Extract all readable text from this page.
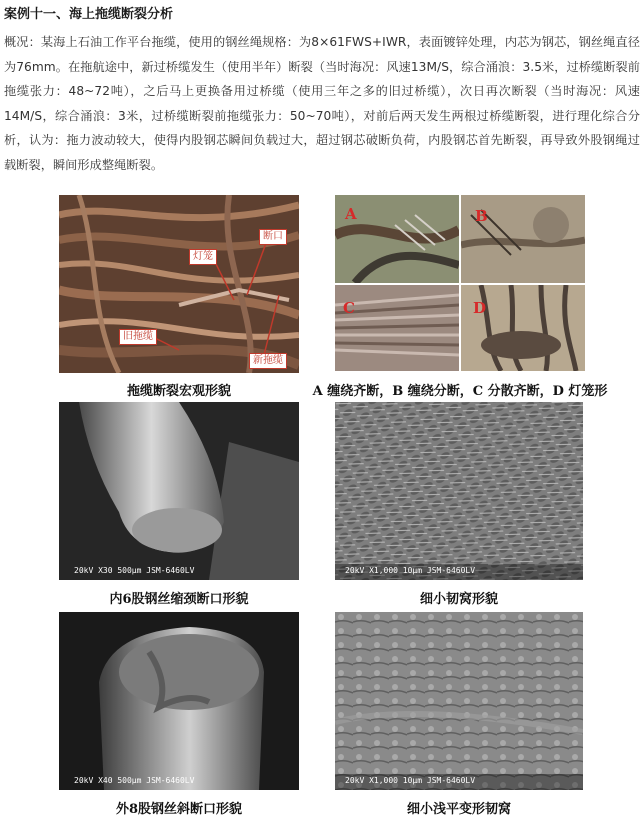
案例十一、海上拖缆断裂分析
概况：某海上石油工作平台拖缆，使用的钢丝绳规格：为8×61FWS+IWR，表面镀锌处理，内芯为钢芯，钢丝绳直径为76mm。在拖航途中，新过桥缆发生（使用半年）断裂（当时海况：风速13M/S，综合涌浪：3.5米，过桥缆断裂前拖缆张力：48~72吨），之后马上更换备用过桥缆（使用三年之多的旧过桥缆），次日再次断裂（当时海况：风速14M/S，综合涌浪：3米，过桥缆断裂前拖缆张力：50~70吨），对前后两天发生两根过桥缆断裂，进行理化综合分析，认为：拖力波动较大，使得内股钢芯瞬间负载过大，超过钢芯破断负荷，内股钢芯首先断裂，再导致外股钢绳过载断裂，瞬间形成整绳断裂。
灯笼
断口
旧拖缆
新拖缆
拖缆断裂宏观形貌
A	B
C	D
A 缠绕齐断，B 缠绕分断，C 分散齐断，D 灯笼形
20kV X30 500μm JSM-6460LV
内6股钢丝缩颈断口形貌
20kV X1,000 10μm JSM-6460LV
细小韧窝形貌
20kV X40 500μm JSM-6460LV
外8股钢丝斜断口形貌
20kV X1,000 10μm JSM-6460LV
细小浅平变形韧窝
